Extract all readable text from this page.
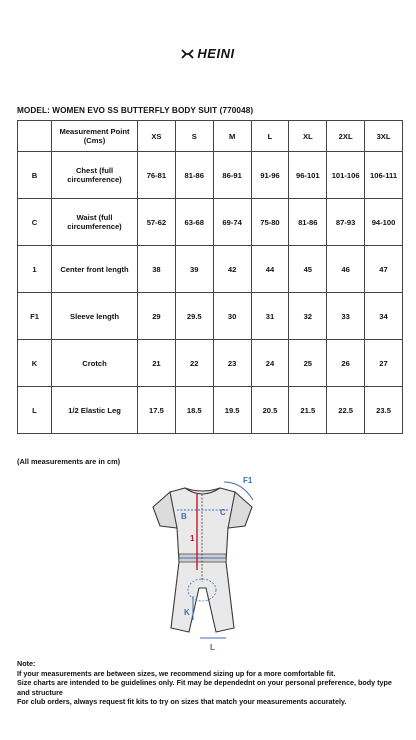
HEINI
MODEL: WOMEN EVO SS BUTTERFLY BODY SUIT (770048)
	Measurement Point (Cms)	XS	S	M	L	XL	2XL	3XL
B	Chest (full circumference)	76-81	81-86	86-91	91-96	96-101	101-106	106-111
C	Waist (full circumference)	57-62	63-68	69-74	75-80	81-86	87-93	94-100
1	Center front length	38	39	42	44	45	46	47
F1	Sleeve length	29	29.5	30	31	32	33	34
K	Crotch	21	22	23	24	25	26	27
L	1/2 Elastic Leg	17.5	18.5	19.5	20.5	21.5	22.5	23.5
(All measurements are in cm)
F1
B	C
1
K
L
Note:
If your measurements are between sizes, we recommend sizing up for a more comfortable fit.
Size charts are intended to be guidelines only. Fit may be dependednt on your personal preference, body type and structure
For club orders, always request fit kits to try on sizes that match your measurements accurately.
